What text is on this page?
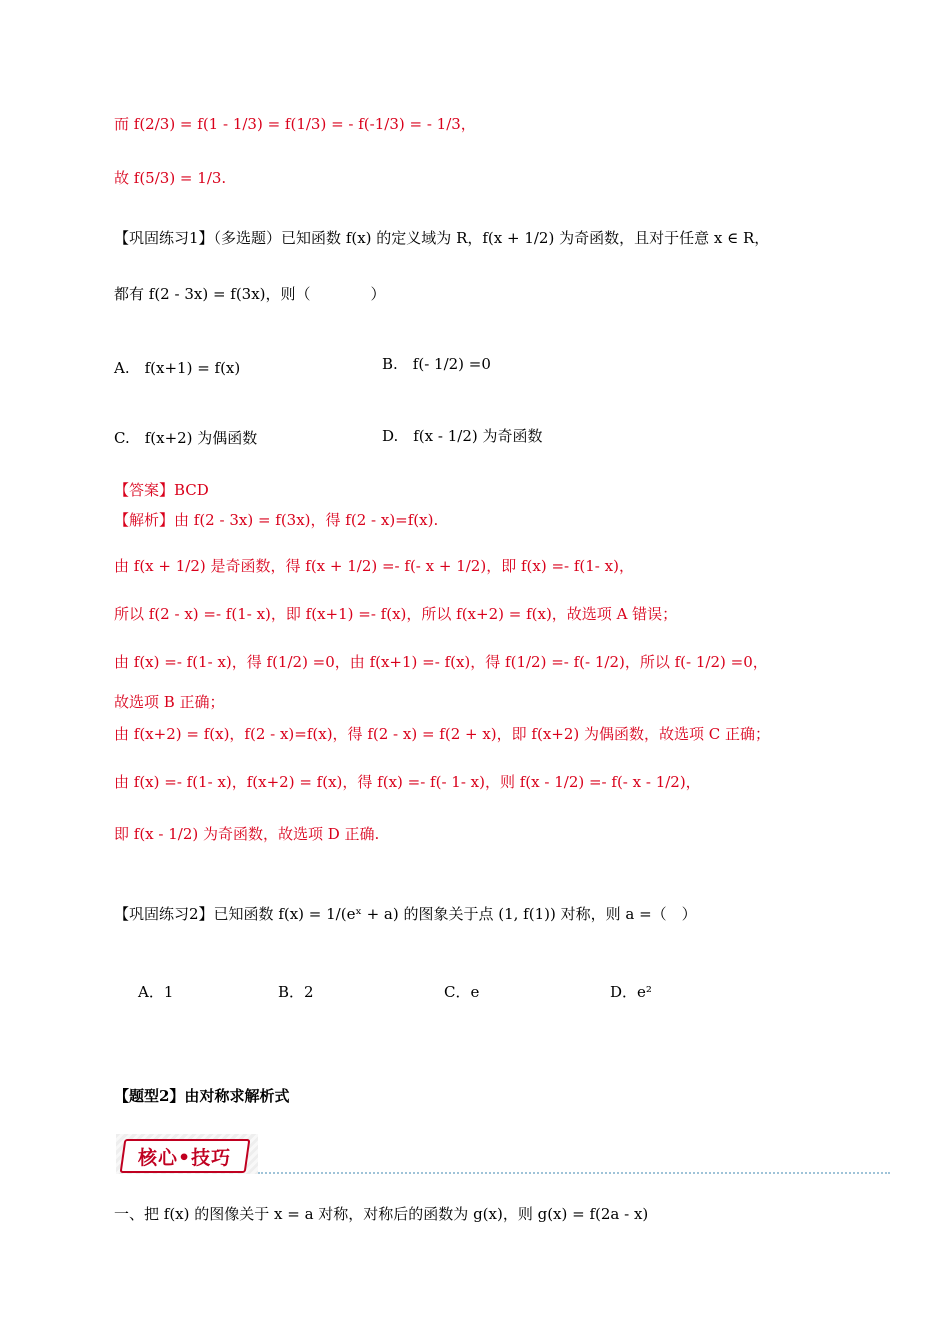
而 f(2/3) = f(1 - 1/3) = f(1/3) = - f(-1/3) = - 1/3，
故 f(5/3) = 1/3.
【巩固练习1】（多选题）已知函数 f(x) 的定义域为 R，f(x + 1/2) 为奇函数，且对于任意 x ∈ R，
都有 f(2 - 3x) = f(3x)，则（　　　　）
A.　f(x+1) = f(x)	B.　f(- 1/2) =0
C.　f(x+2) 为偶函数	D.　f(x - 1/2) 为奇函数
【答案】BCD
【解析】由 f(2 - 3x) = f(3x)，得 f(2 - x)=f(x).
由 f(x + 1/2) 是奇函数，得 f(x + 1/2) =- f(- x + 1/2)，即 f(x) =- f(1- x)，
所以 f(2 - x) =- f(1- x)，即 f(x+1) =- f(x)，所以 f(x+2) = f(x)，故选项 A 错误；
由 f(x) =- f(1- x)，得 f(1/2) =0，由 f(x+1) =- f(x)，得 f(1/2) =- f(- 1/2)，所以 f(- 1/2) =0，
故选项 B 正确；
由 f(x+2) = f(x)，f(2 - x)=f(x)，得 f(2 - x) = f(2 + x)，即 f(x+2) 为偶函数，故选项 C 正确；
由 f(x) =- f(1- x)，f(x+2) = f(x)，得 f(x) =- f(- 1- x)，则 f(x - 1/2) =- f(- x - 1/2)，
即 f(x - 1/2) 为奇函数，故选项 D 正确.
【巩固练习2】已知函数 f(x) = 1/(eˣ + a) 的图象关于点 (1, f(1)) 对称，则 a =（　）
A．1	B．2	C．e	D．e²
【题型2】由对称求解析式
核心•技巧
一、把 f(x) 的图像关于 x = a 对称，对称后的函数为 g(x)，则 g(x) = f(2a - x)
